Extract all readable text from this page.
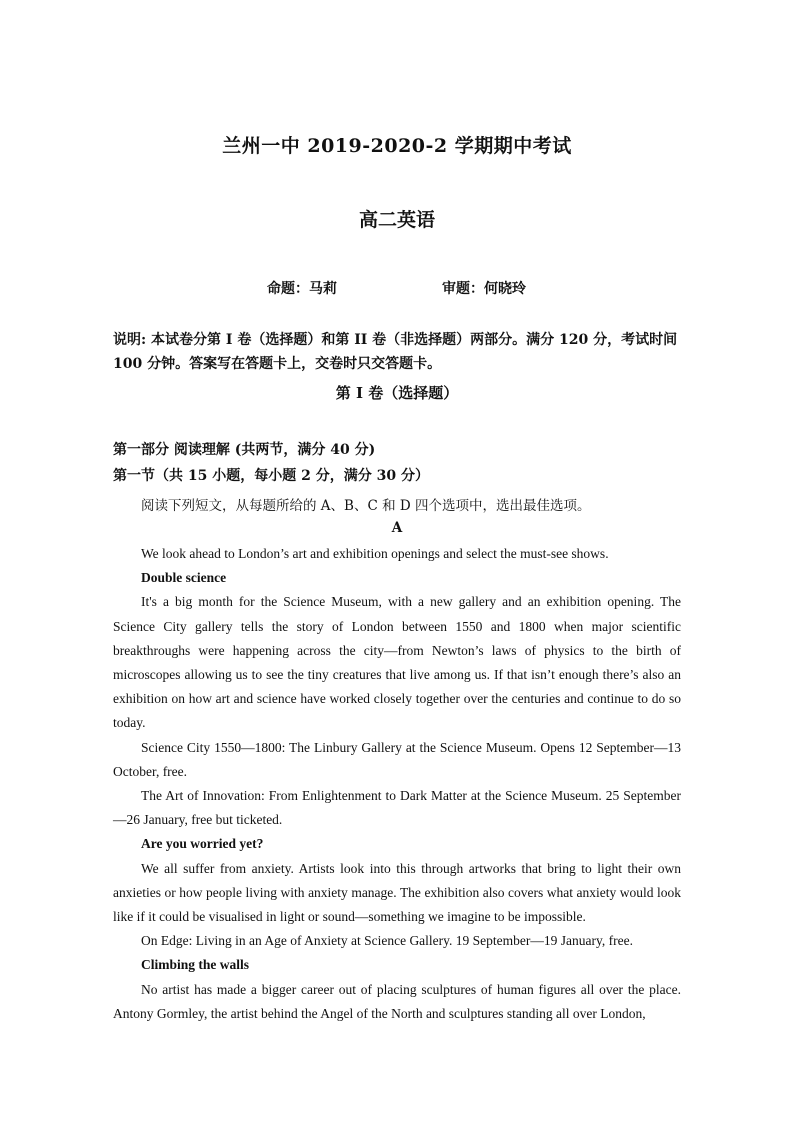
兰州一中 2019-2020-2 学期期中考试
高二英语
命题：马莉	审题：何晓玲
说明: 本试卷分第 I 卷（选择题）和第 II 卷（非选择题）两部分。满分 120 分，考试时间 100 分钟。答案写在答题卡上，交卷时只交答题卡。
第 I 卷（选择题）
第一部分 阅读理解 (共两节，满分 40 分)
第一节（共 15 小题，每小题 2 分，满分 30 分）
阅读下列短文，从每题所给的 A、B、C 和 D 四个选项中，选出最佳选项。
A

We look ahead to London’s art and exhibition openings and select the must-see shows.

Double science

It's a big month for the Science Museum, with a new gallery and an exhibition opening. The Science City gallery tells the story of London between 1550 and 1800 when major scientific breakthroughs were happening across the city—from Newton’s laws of physics to the birth of microscopes allowing us to see the tiny creatures that live among us. If that isn’t enough there’s also an exhibition on how art and science have worked closely together over the centuries and continue to do so today.

Science City 1550—1800: The Linbury Gallery at the Science Museum. Opens 12 September—13 October, free.

The Art of Innovation: From Enlightenment to Dark Matter at the Science Museum. 25 September—26 January, free but ticketed.

Are you worried yet?

We all suffer from anxiety. Artists look into this through artworks that bring to light their own anxieties or how people living with anxiety manage. The exhibition also covers what anxiety would look like if it could be visualised in light or sound—something we imagine to be impossible.

On Edge: Living in an Age of Anxiety at Science Gallery. 19 September—19 January, free.

Climbing the walls

No artist has made a bigger career out of placing sculptures of human figures all over the place. Antony Gormley, the artist behind the Angel of the North and sculptures standing all over London,
